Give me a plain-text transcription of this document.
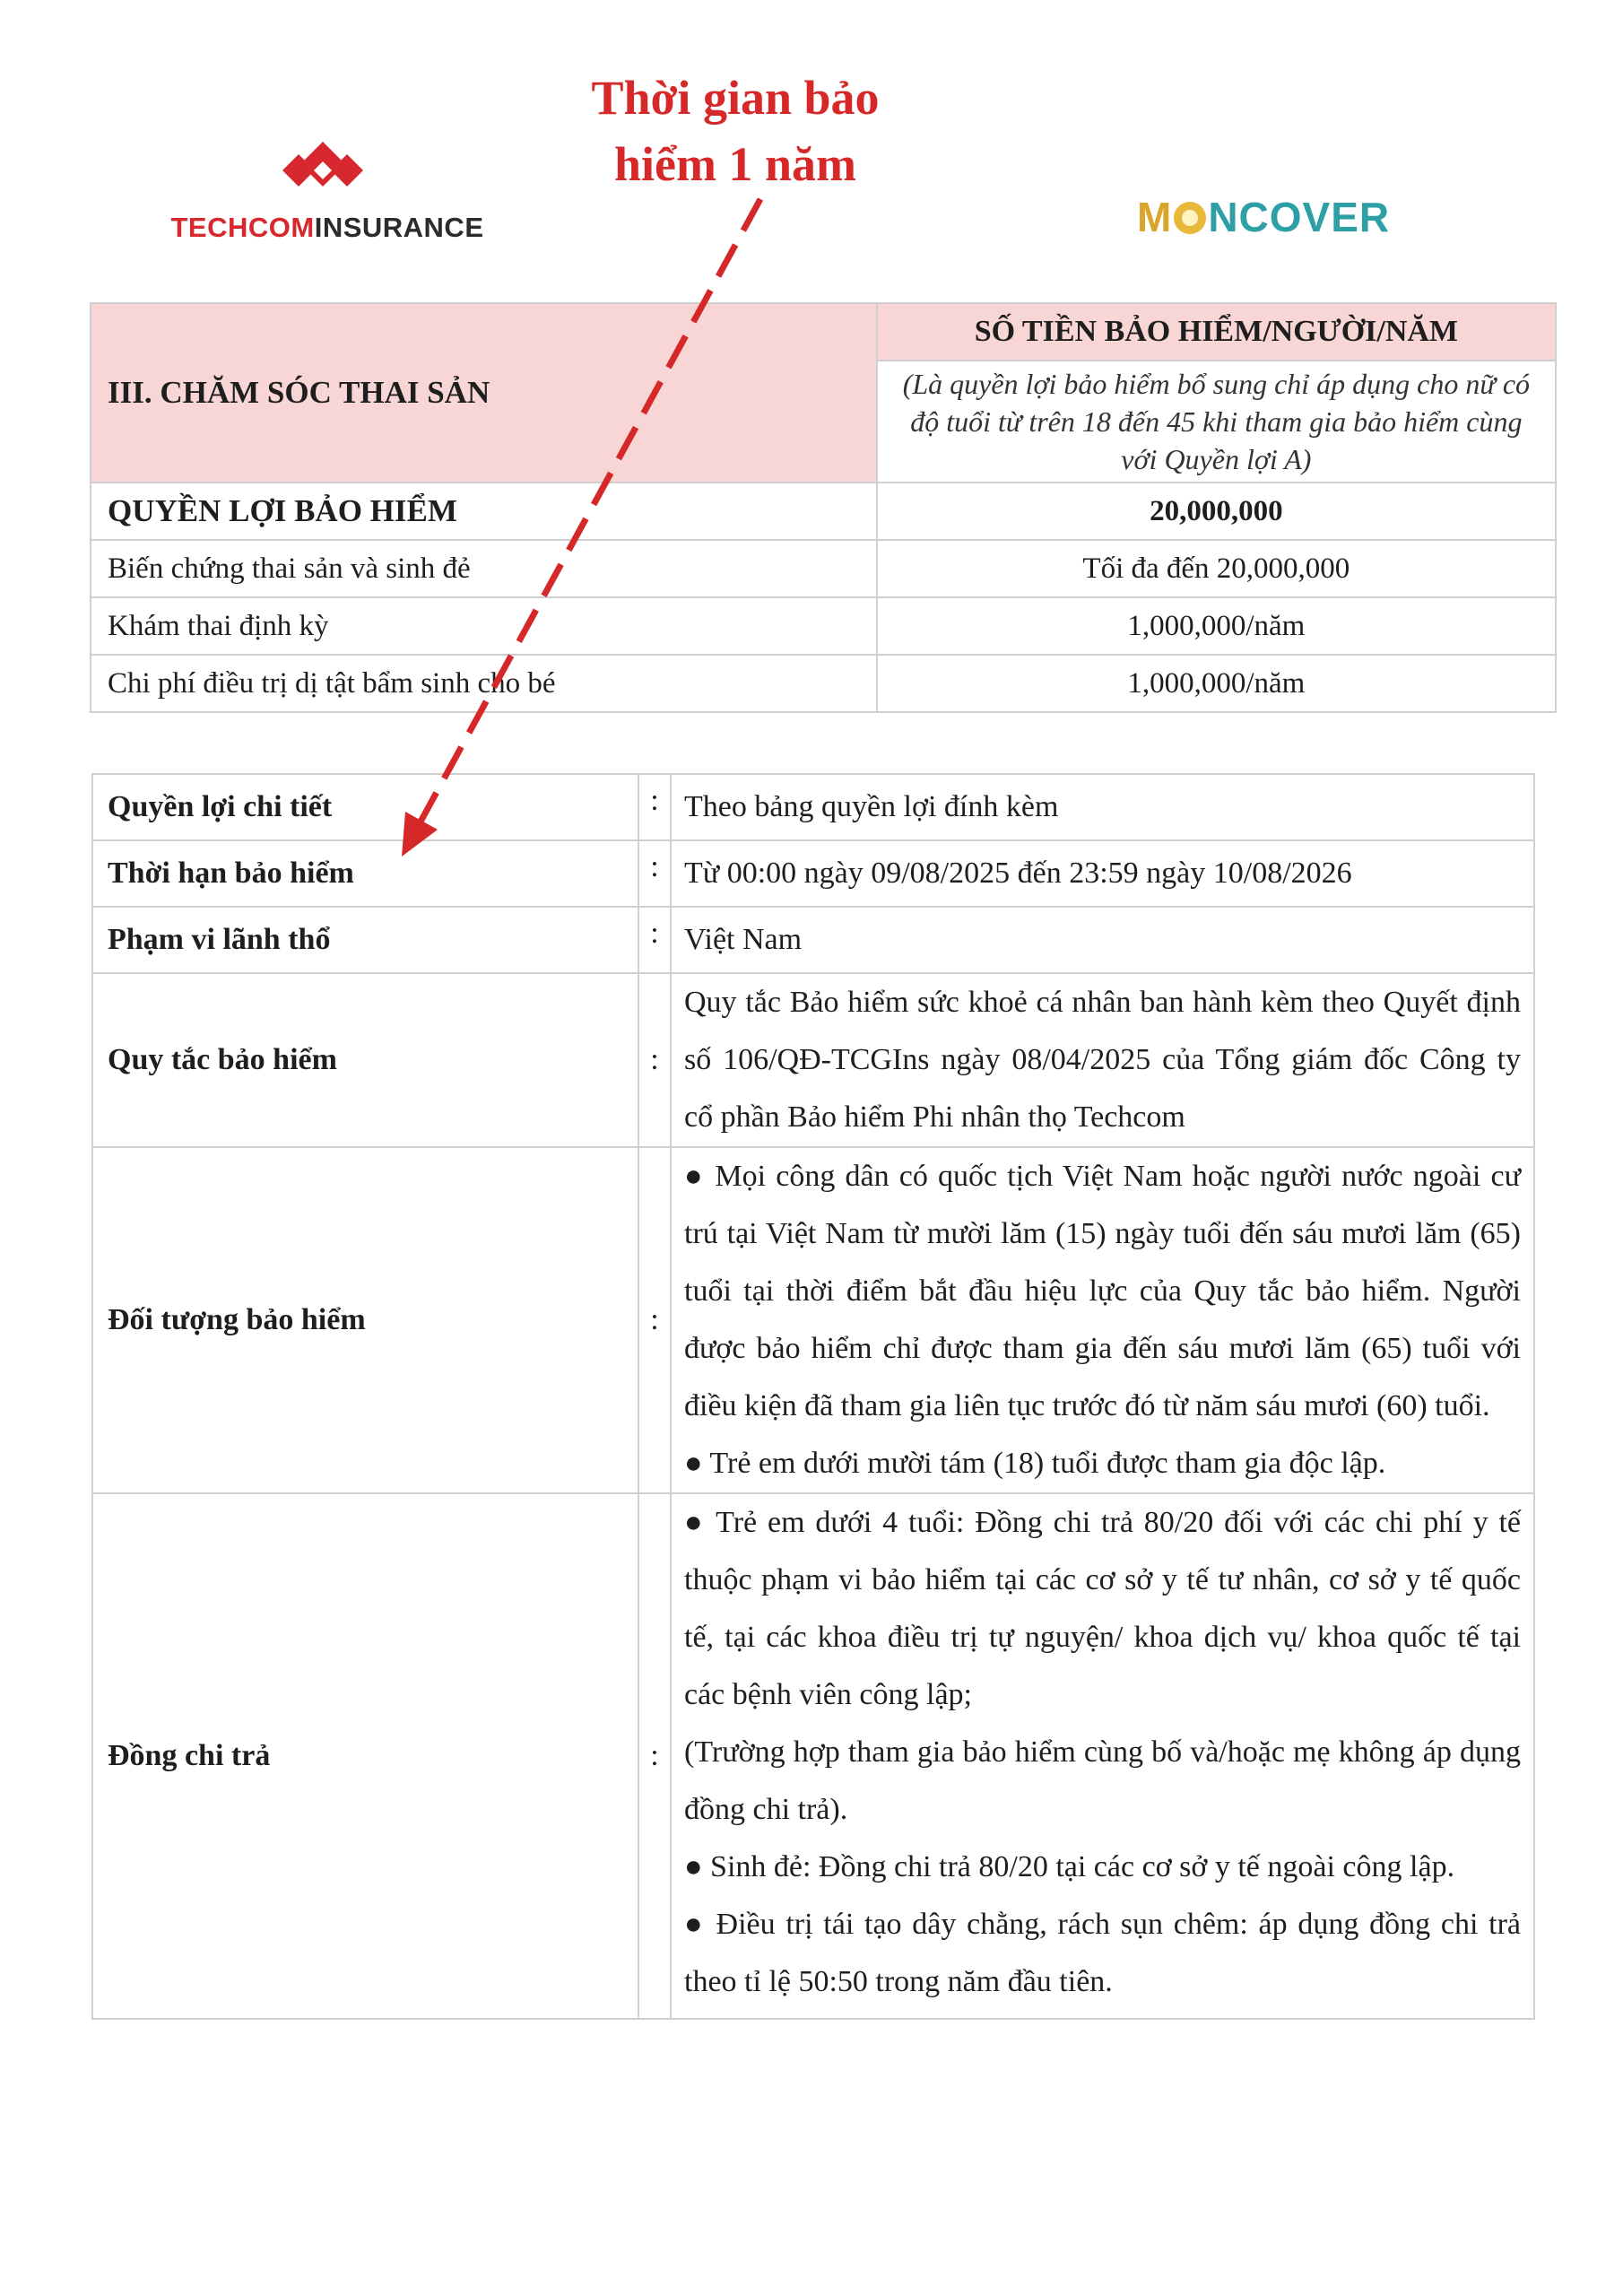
Thời gian bảo
hiểm 1 năm
TECHCOMINSURANCE	M NCOVER
III. CHĂM SÓC THAI SẢN	SỐ TIỀN BẢO HIỂM/NGƯỜI/NĂM
	(Là quyền lợi bảo hiểm bổ sung chỉ áp dụng cho nữ có độ tuổi từ trên 18 đến 45 khi tham gia bảo hiểm cùng với Quyền lợi A)
QUYỀN LỢI BẢO HIỂM	20,000,000
Biến chứng thai sản và sinh đẻ	Tối đa đến 20,000,000
Khám thai định kỳ	1,000,000/năm
Chi phí điều trị dị tật bẩm sinh cho bé	1,000,000/năm
Quyền lợi chi tiết	:	Theo bảng quyền lợi đính kèm
Thời hạn bảo hiểm	:	Từ 00:00 ngày 09/08/2025 đến 23:59 ngày 10/08/2026
Phạm vi lãnh thổ	:	Việt Nam
Quy tắc bảo hiểm	:	Quy tắc Bảo hiểm sức khoẻ cá nhân ban hành kèm theo Quyết định số 106/QĐ-TCGIns ngày 08/04/2025 của Tổng giám đốc Công ty cổ phần Bảo hiểm Phi nhân thọ Techcom
Đối tượng bảo hiểm	:	● Mọi công dân có quốc tịch Việt Nam hoặc người nước ngoài cư trú tại Việt Nam từ mười lăm (15) ngày tuổi đến sáu mươi lăm (65) tuổi tại thời điểm bắt đầu hiệu lực của Quy tắc bảo hiểm. Người được bảo hiểm chỉ được tham gia đến sáu mươi lăm (65) tuổi với điều kiện đã tham gia liên tục trước đó từ năm sáu mươi (60) tuổi.
● Trẻ em dưới mười tám (18) tuổi được tham gia độc lập.

Đồng chi trả	:	● Trẻ em dưới 4 tuổi: Đồng chi trả 80/20 đối với các chi phí y tế thuộc phạm vi bảo hiểm tại các cơ sở y tế tư nhân, cơ sở y tế quốc tế, tại các khoa điều trị tự nguyện/ khoa dịch vụ/ khoa quốc tế tại các bệnh viên công lập;
(Trường hợp tham gia bảo hiểm cùng bố và/hoặc mẹ không áp dụng đồng chi trả).
● Sinh đẻ: Đồng chi trả 80/20 tại các cơ sở y tế ngoài công lập.
● Điều trị tái tạo dây chằng, rách sụn chêm: áp dụng đồng chi trả theo tỉ lệ 50:50 trong năm đầu tiên.
